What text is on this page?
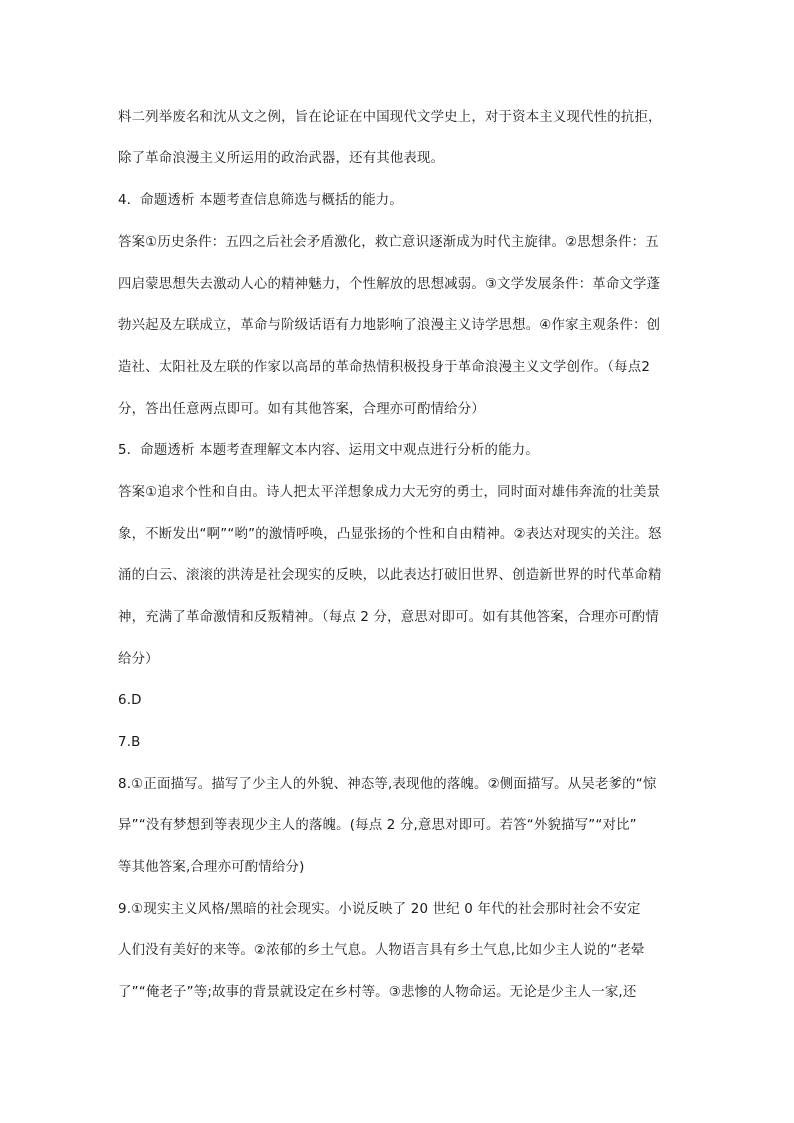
料二列举废名和沈从文之例，旨在论证在中国现代文学史上，对于资本主义现代性的抗拒，
除了革命浪漫主义所运用的政治武器，还有其他表现。
4．命题透析 本题考查信息筛选与概括的能力。
答案①历史条件：五四之后社会矛盾激化，救亡意识逐渐成为时代主旋律。②思想条件：五
四启蒙思想失去激动人心的精神魅力，个性解放的思想减弱。③文学发展条件：革命文学蓬
勃兴起及左联成立，革命与阶级话语有力地影响了浪漫主义诗学思想。④作家主观条件：创
造社、太阳社及左联的作家以高昂的革命热情积极投身于革命浪漫主义文学创作。（每点2
分，答出任意两点即可。如有其他答案，合理亦可酌情给分）
5．命题透析 本题考查理解文本内容、运用文中观点进行分析的能力。
答案①追求个性和自由。诗人把太平洋想象成力大无穷的勇士，同时面对雄伟奔流的壮美景
象，不断发出“啊”“哟”的激情呼唤，凸显张扬的个性和自由精神。②表达对现实的关注。怒
涌的白云、滚滚的洪涛是社会现实的反映，以此表达打破旧世界、创造新世界的时代革命精
神，充满了革命激情和反叛精神。（每点 2 分，意思对即可。如有其他答案，合理亦可酌情
给分）
6.D
7.B
8.①正面描写。描写了少主人的外貌、神态等,表现他的落魄。②侧面描写。从吴老爹的“惊
异”“没有梦想到等表现少主人的落魄。(每点 2 分,意思对即可。若答“外貌描写”“对比”
等其他答案,合理亦可酌情给分)
9.①现实主义风格/黑暗的社会现实。小说反映了 20 世纪 0 年代的社会那时社会不安定
人们没有美好的来等。②浓郁的乡土气息。人物语言具有乡土气息,比如少主人说的“老晕
了”“俺老子”等;故事的背景就设定在乡村等。③悲惨的人物命运。无论是少主人一家,还
